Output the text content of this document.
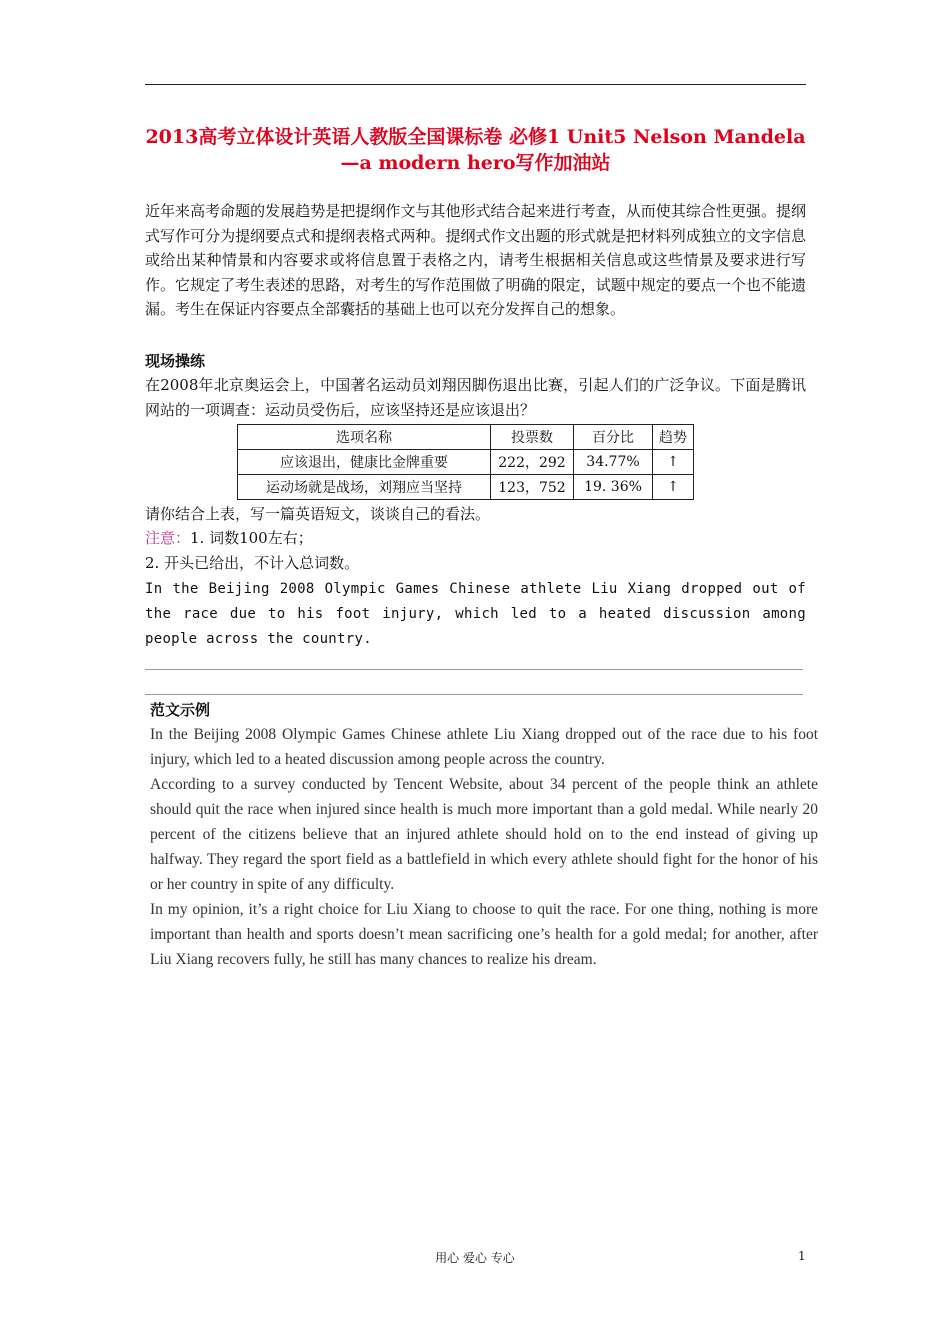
2013高考立体设计英语人教版全国课标卷 必修1 Unit5 Nelson Mandela—a modern hero写作加油站

近年来高考命题的发展趋势是把提纲作文与其他形式结合起来进行考查，从而使其综合性更强。提纲式写作可分为提纲要点式和提纲表格式两种。提纲式作文出题的形式就是把材料列成独立的文字信息或给出某种情景和内容要求或将信息置于表格之内，请考生根据相关信息或这些情景及要求进行写作。它规定了考生表述的思路，对考生的写作范围做了明确的限定，试题中规定的要点一个也不能遗漏。考生在保证内容要点全部囊括的基础上也可以充分发挥自己的想象。

现场操练

在2008年北京奥运会上，中国著名运动员刘翔因脚伤退出比赛，引起人们的广泛争议。下面是腾讯网站的一项调查：运动员受伤后，应该坚持还是应该退出？

选项名称	投票数	百分比	趋势
应该退出，健康比金牌重要	222，292	34.77%	↑
运动场就是战场，刘翔应当坚持	123，752	19. 36%	↑
请你结合上表，写一篇英语短文，谈谈自己的看法。
注意：1. 词数100左右；
2. 开头已给出，不计入总词数。

In the Beijing 2008 Olympic Games Chinese athlete Liu Xiang dropped out of the race due to his foot injury, which led to a heated discussion among people across the country.

范文示例

In the Beijing 2008 Olympic Games Chinese athlete Liu Xiang dropped out of the race due to his foot injury, which led to a heated discussion among people across the country.

According to a survey conducted by Tencent Website, about 34 percent of the people think an athlete should quit the race when injured since health is much more important than a gold medal. While nearly 20 percent of the citizens believe that an injured athlete should hold on to the end instead of giving up halfway. They regard the sport field as a battlefield in which every athlete should fight for the honor of his or her country in spite of any difficulty.

In my opinion, it’s a right choice for Liu Xiang to choose to quit the race. For one thing, nothing is more important than health and sports doesn’t mean sacrificing one’s health for a gold medal; for another, after Liu Xiang recovers fully, he still has many chances to realize his dream.

用心 爱心 专心	1
